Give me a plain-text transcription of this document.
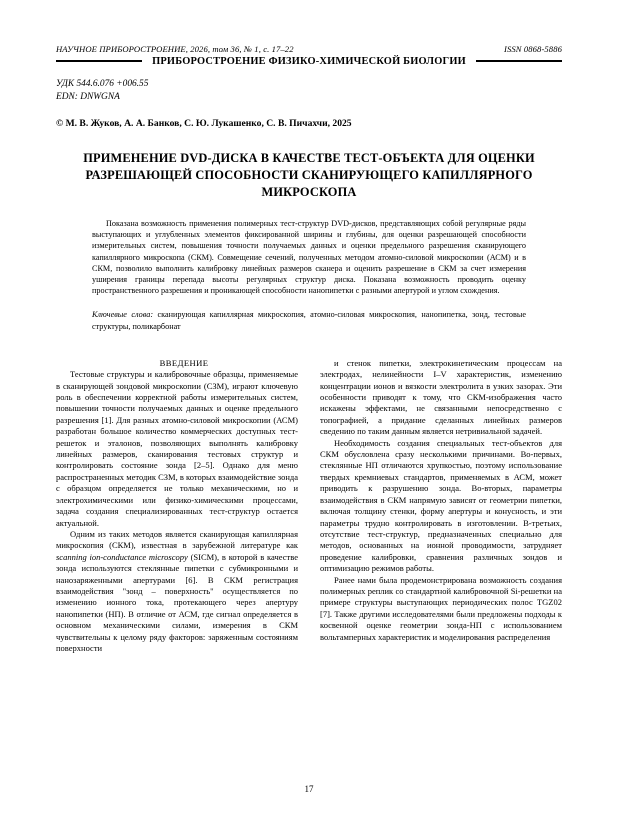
НАУЧНОЕ ПРИБОРОСТРОЕНИЕ, 2026, том 36, № 1, с. 17–22	ISSN 0868-5886
ПРИБОРОСТРОЕНИЕ ФИЗИКО-ХИМИЧЕСКОЙ БИОЛОГИИ
УДК 544.6.076 +006.55
EDN: DNWGNA
© М. В. Жуков, А. А. Банков, С. Ю. Лукашенко, С. В. Пичахчи, 2025
ПРИМЕНЕНИЕ DVD-ДИСКА В КАЧЕСТВЕ ТЕСТ-ОБЪЕКТА ДЛЯ ОЦЕНКИ РАЗРЕШАЮЩЕЙ СПОСОБНОСТИ СКАНИРУЮЩЕГО КАПИЛЛЯРНОГО МИКРОСКОПА
Показана возможность применения полимерных тест-структур DVD-дисков, представляющих собой регулярные ряды выступающих и углубленных элементов фиксированной ширины и глубины, для оценки разрешающей способности измерительных систем, повышения точности получаемых данных и оценки предельного разрешения сканирующего капиллярного микроскопа (СКМ). Совмещение сечений, полученных методом атомно-силовой микроскопии (АСМ) и в СКМ, позволило выполнить калибровку линейных размеров сканера и оценить разрешение в СКМ за счет измерения уширения границы перепада высоты регулярных структур диска. Показана возможность проводить оценку пространственного разрешения и проникающей способности нанопипетки с разными апертурой и углом схождения.
Ключевые слова: сканирующая капиллярная микроскопия, атомно-силовая микроскопия, нанопипетка, зонд, тестовые структуры, поликарбонат

ВВЕДЕНИЕ

Тестовые структуры и калибровочные образцы, применяемые в сканирующей зондовой микроскопии (СЗМ), играют ключевую роль в обеспечении корректной работы измерительных систем, повышении точности получаемых данных и оценке предельного разрешения [1]. Для разных атомно-силовой микроскопии (АСМ) разработан большое количество коммерческих доступных тест-решеток и эталонов, позволяющих выполнять калибровку линейных размеров, сканирования тестовых структур и контролировать состояние зонда [2–5]. Однако для меню распространенных методик СЗМ, в которых взаимодействие зонда с образцом определяется не только механическими, но и электрохимическими или физико-химическими процессами, задача создания специализированных тест-структур остается актуальной.

Одним из таких методов является сканирующая капиллярная микроскопия (СКМ), известная в зарубежной литературе как scanning ion-conductance microscopy (SICM), в которой в качестве зонда используются стеклянные пипетки с субмикронными и нанозаряженными апертурами [6]. В СКМ регистрация взаимодействия "зонд – поверхность" осуществляется по изменению ионного тока, протекающего через апертуру нанопипетки (НП). В отличие от АСМ, где сигнал определяется в основном механическими силами, измерения в СКМ чувствительны к целому ряду факторов: заряженным состояниям поверхности

и стенок пипетки, электрокинетическим процессам на электродах, нелинейности I–V характеристик, изменению концентрации ионов и вязкости электролита в узких зазорах. Эти особенности приводят к тому, что СКМ-изображения часто искажены эффектами, не связанными непосредственно с топографией, а придание сделанных линейных размеров сведению по таким данным является нетривиальной задачей.

Необходимость создания специальных тест-объектов для СКМ обусловлена сразу несколькими причинами. Во-первых, стеклянные НП отличаются хрупкостью, поэтому использование твердых кремниевых стандартов, применяемых в АСМ, может приводить к разрушению зонда. Во-вторых, параметры взаимодействия в СКМ напрямую зависят от геометрии пипетки, включая толщину стенки, форму апертуры и конусность, и эти параметры трудно контролировать в изготовлении. В-третьих, отсутствие тест-структур, предназначенных специально для методов, основанных на ионной проводимости, затрудняет проведение калибровки, сравнения различных зондов и оптимизацию режимов работы.

Ранее нами была продемонстрирована возможность создания полимерных реплик со стандартной калибровочной Si-решетки на примере структуры выступающих периодических полос TGZ02 [7]. Также другими исследователями были предложены подходы к косвенной оценке геометрии зонда-НП с использованием вольтамперных характеристик и моделирования распределения

17
